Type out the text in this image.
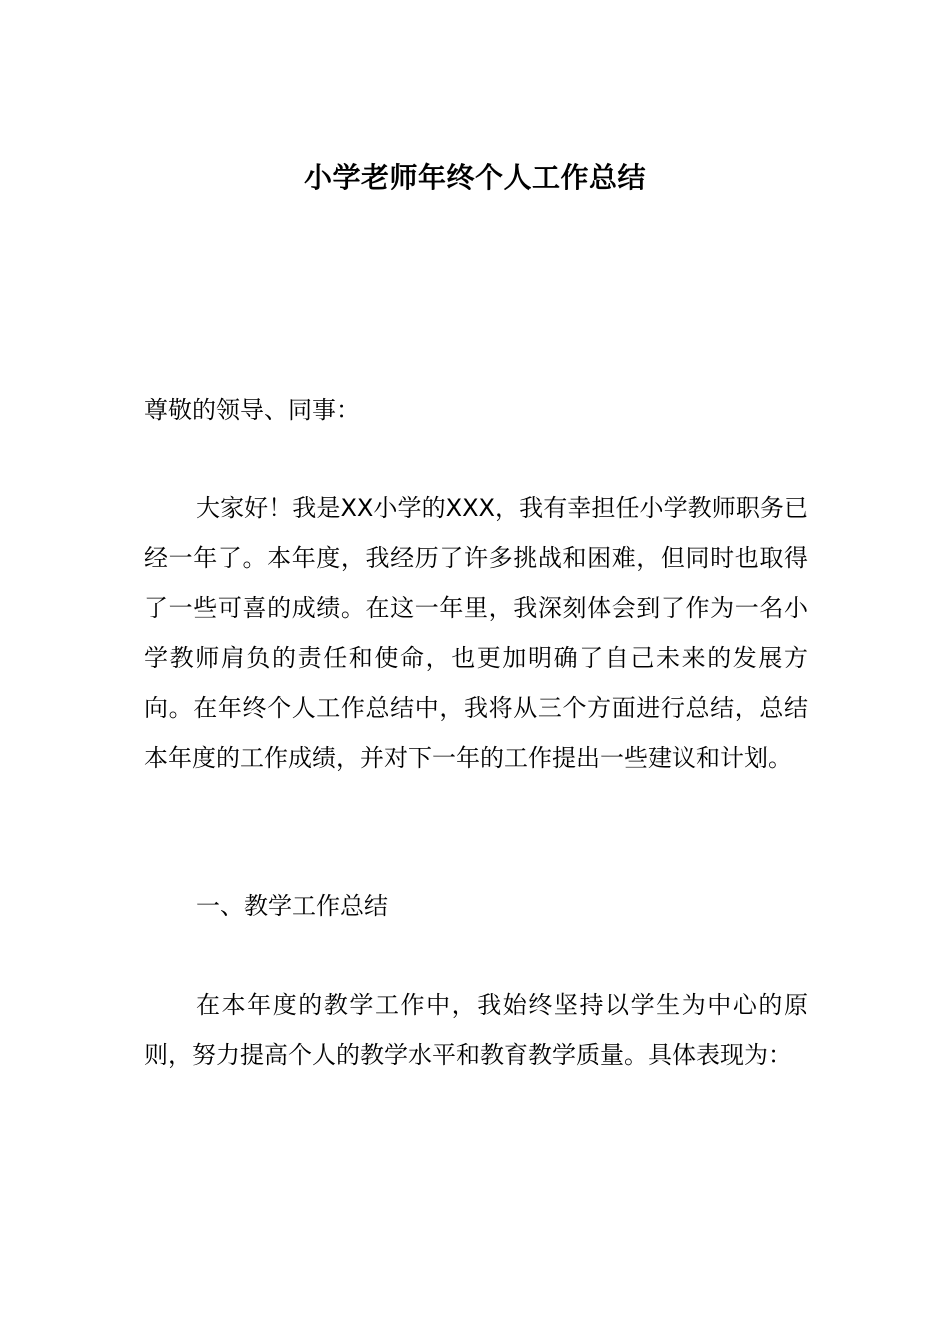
小学老师年终个人工作总结

尊敬的领导、同事：

大家好！我是XX小学的XXX，我有幸担任小学教师职务已经一年了。本年度，我经历了许多挑战和困难，但同时也取得了一些可喜的成绩。在这一年里，我深刻体会到了作为一名小学教师肩负的责任和使命，也更加明确了自己未来的发展方向。在年终个人工作总结中，我将从三个方面进行总结，总结本年度的工作成绩，并对下一年的工作提出一些建议和计划。

一、教学工作总结

在本年度的教学工作中，我始终坚持以学生为中心的原则，努力提高个人的教学水平和教育教学质量。具体表现为：
